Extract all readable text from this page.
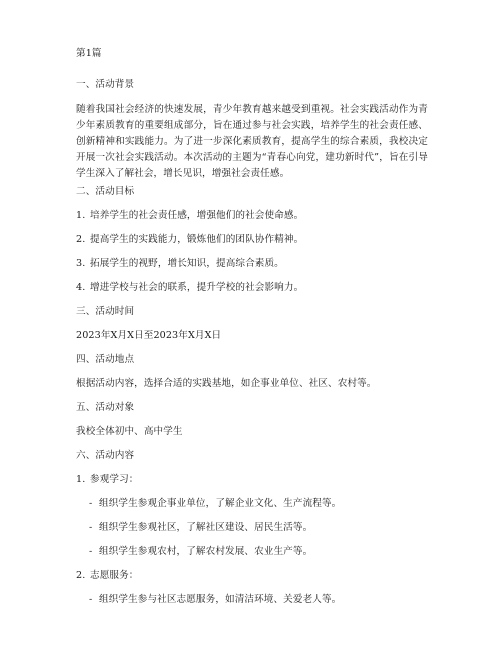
第1篇
一、活动背景
随着我国社会经济的快速发展，青少年教育越来越受到重视。社会实践活动作为青少年素质教育的重要组成部分，旨在通过参与社会实践，培养学生的社会责任感、创新精神和实践能力。为了进一步深化素质教育，提高学生的综合素质，我校决定开展一次社会实践活动。本次活动的主题为“青春心向党，建功新时代”，旨在引导学生深入了解社会，增长见识，增强社会责任感。
二、活动目标
1. 培养学生的社会责任感，增强他们的社会使命感。
2. 提高学生的实践能力，锻炼他们的团队协作精神。
3. 拓展学生的视野，增长知识，提高综合素质。
4. 增进学校与社会的联系，提升学校的社会影响力。
三、活动时间
2023年X月X日至2023年X月X日
四、活动地点
根据活动内容，选择合适的实践基地，如企事业单位、社区、农村等。
五、活动对象
我校全体初中、高中学生
六、活动内容
1. 参观学习：
- 组织学生参观企事业单位，了解企业文化、生产流程等。
- 组织学生参观社区，了解社区建设、居民生活等。
- 组织学生参观农村，了解农村发展、农业生产等。
2. 志愿服务：
- 组织学生参与社区志愿服务，如清洁环境、关爱老人等。
